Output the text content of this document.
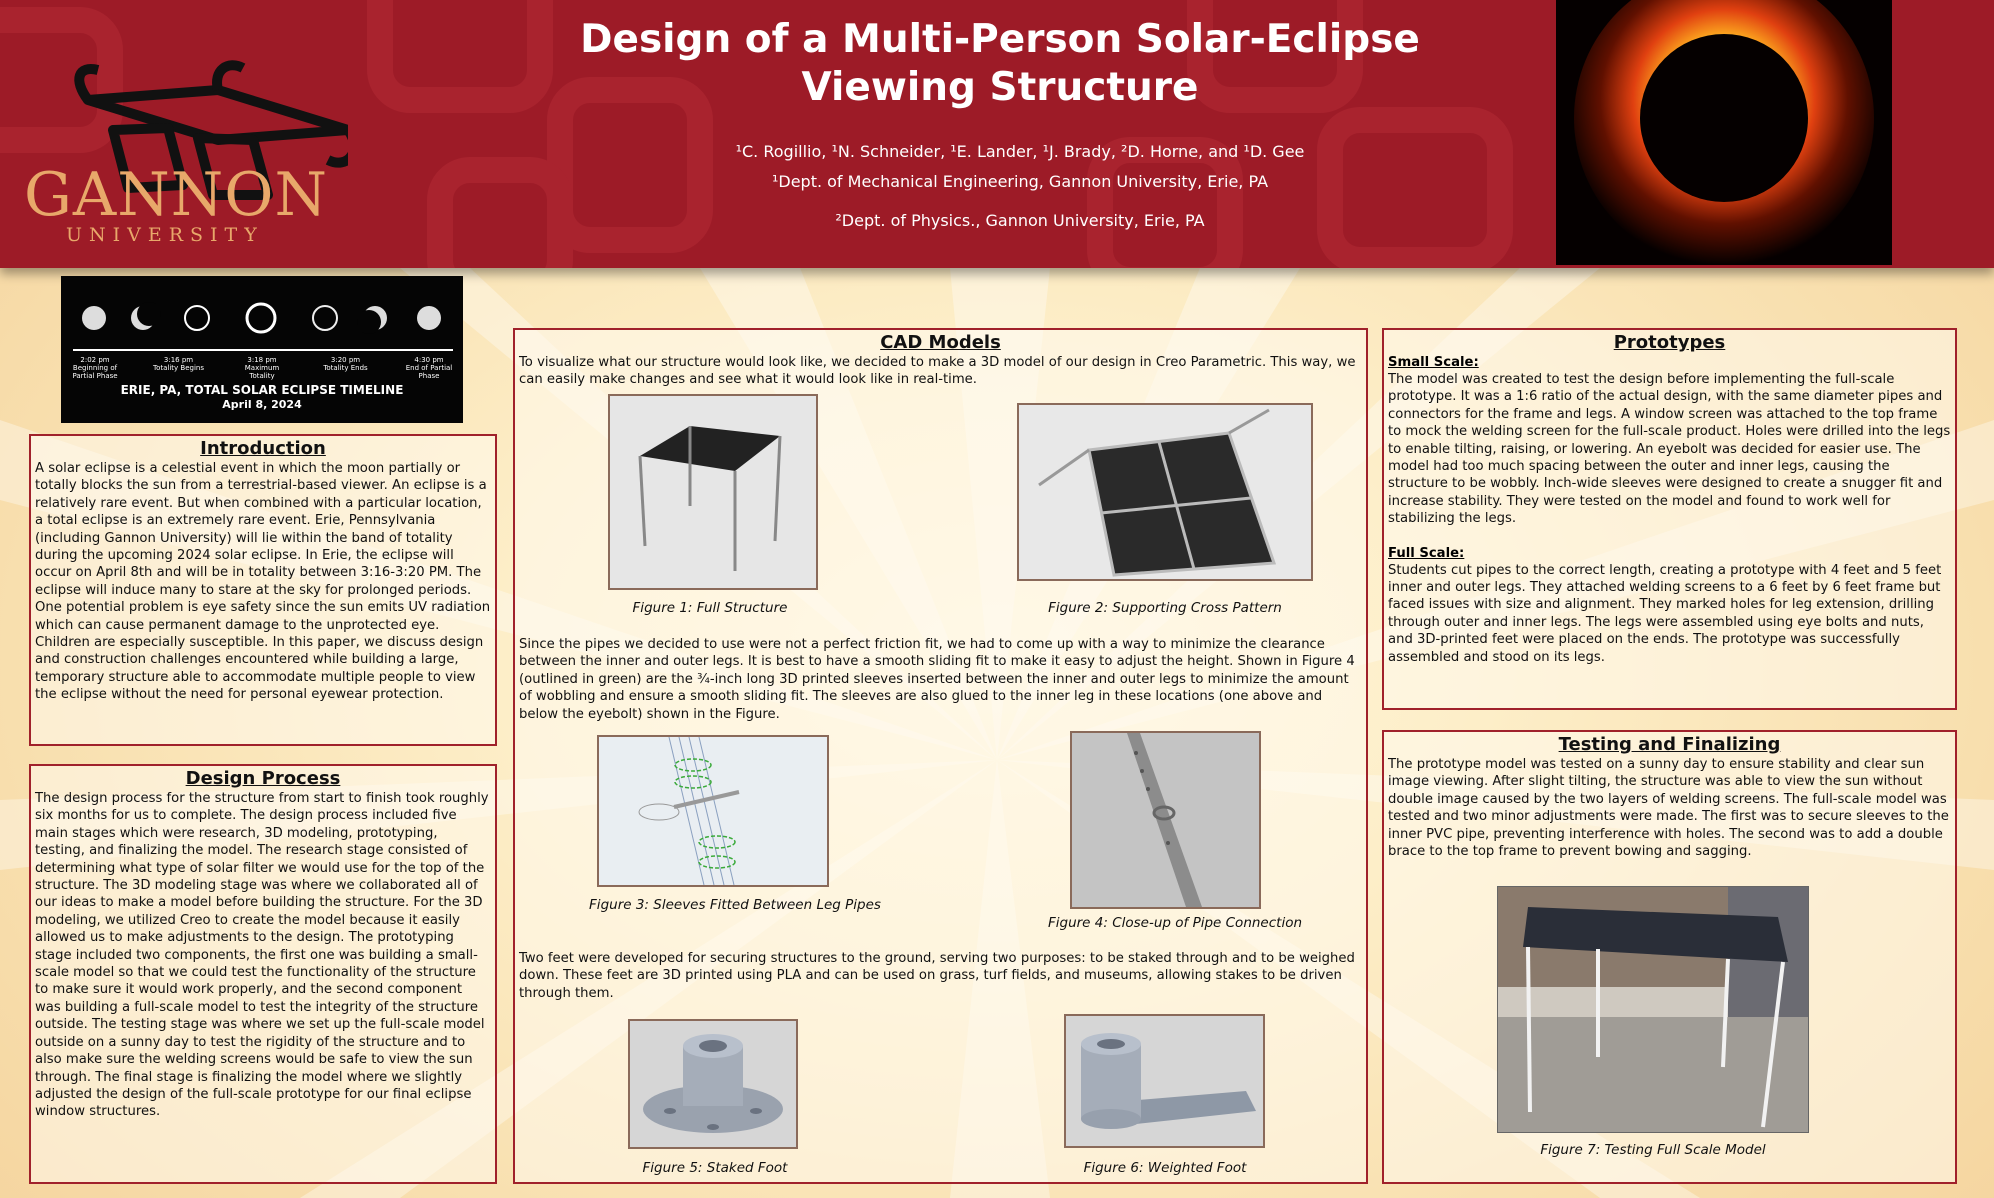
GANNON
UNIVERSITY
Design of a Multi-Person Solar-Eclipse
Viewing Structure
¹C. Rogillio, ¹N. Schneider, ¹E. Lander, ¹J. Brady, ²D. Horne, and ¹D. Gee
¹Dept. of Mechanical Engineering, Gannon University, Erie, PA
²Dept. of Physics., Gannon University, Erie, PA
2:02 pm
Beginning of Partial Phase
3:16 pm
Totality Begins
3:18 pm
Maximum Totality
3:20 pm
Totality Ends
4:30 pm
End of Partial Phase
ERIE, PA, TOTAL SOLAR ECLIPSE TIMELINE
April 8, 2024
Introduction

A solar eclipse is a celestial event in which the moon partially or totally blocks the sun from a terrestrial-based viewer. An eclipse is a relatively rare event. But when combined with a particular location, a total eclipse is an extremely rare event. Erie, Pennsylvania (including Gannon University) will lie within the band of totality during the upcoming 2024 solar eclipse. In Erie, the eclipse will occur on April 8th and will be in totality between 3:16-3:20 PM. The eclipse will induce many to stare at the sky for prolonged periods. One potential problem is eye safety since the sun emits UV radiation which can cause permanent damage to the unprotected eye. Children are especially susceptible. In this paper, we discuss design and construction challenges encountered while building a large, temporary structure able to accommodate multiple people to view the eclipse without the need for personal eyewear protection.

Design Process

The design process for the structure from start to finish took roughly six months for us to complete. The design process included five main stages which were research, 3D modeling, prototyping, testing, and finalizing the model. The research stage consisted of determining what type of solar filter we would use for the top of the structure. The 3D modeling stage was where we collaborated all of our ideas to make a model before building the structure. For the 3D modeling, we utilized Creo to create the model because it easily allowed us to make adjustments to the design. The prototyping stage included two components, the first one was building a small-scale model so that we could test the functionality of the structure to make sure it would work properly, and the second component was building a full-scale model to test the integrity of the structure outside. The testing stage was where we set up the full-scale model outside on a sunny day to test the rigidity of the structure and to also make sure the welding screens would be safe to view the sun through. The final stage is finalizing the model where we slightly adjusted the design of the full-scale prototype for our final eclipse window structures.

CAD Models

To visualize what our structure would look like, we decided to make a 3D model of our design in Creo Parametric. This way, we can easily make changes and see what it would look like in real-time.

Since the pipes we decided to use were not a perfect friction fit, we had to come up with a way to minimize the clearance between the inner and outer legs. It is best to have a smooth sliding fit to make it easy to adjust the height. Shown in Figure 4 (outlined in green) are the ¾-inch long 3D printed sleeves inserted between the inner and outer legs to minimize the amount of wobbling and ensure a smooth sliding fit. The sleeves are also glued to the inner leg in these locations (one above and below the eyebolt) shown in the Figure.

Two feet were developed for securing structures to the ground, serving two purposes: to be staked through and to be weighed down. These feet are 3D printed using PLA and can be used on grass, turf fields, and museums, allowing stakes to be driven through them.

Figure 1: Full Structure	Figure 2: Supporting Cross Pattern
Figure 3: Sleeves Fitted Between Leg Pipes
Figure 4: Close-up of Pipe Connection
Figure 5: Staked Foot	Figure 6: Weighted Foot
Prototypes
Small Scale:

The model was created to test the design before implementing the full-scale prototype. It was a 1:6 ratio of the actual design, with the same diameter pipes and connectors for the frame and legs. A window screen was attached to the top frame to mock the welding screen for the full-scale product. Holes were drilled into the legs to enable tilting, raising, or lowering. An eyebolt was decided for easier use. The model had too much spacing between the outer and inner legs, causing the structure to be wobbly. Inch-wide sleeves were designed to create a snugger fit and increase stability. They were tested on the model and found to work well for stabilizing the legs.

Full Scale:

Students cut pipes to the correct length, creating a prototype with 4 feet and 5 feet inner and outer legs. They attached welding screens to a 6 feet by 6 feet frame but faced issues with size and alignment. They marked holes for leg extension, drilling through outer and inner legs. The legs were assembled using eye bolts and nuts, and 3D-printed feet were placed on the ends. The prototype was successfully assembled and stood on its legs.

Testing and Finalizing

The prototype model was tested on a sunny day to ensure stability and clear sun image viewing. After slight tilting, the structure was able to view the sun without double image caused by the two layers of welding screens. The full-scale model was tested and two minor adjustments were made. The first was to secure sleeves to the inner PVC pipe, preventing interference with holes. The second was to add a double brace to the top frame to prevent bowing and sagging.

Figure 7: Testing Full Scale Model
